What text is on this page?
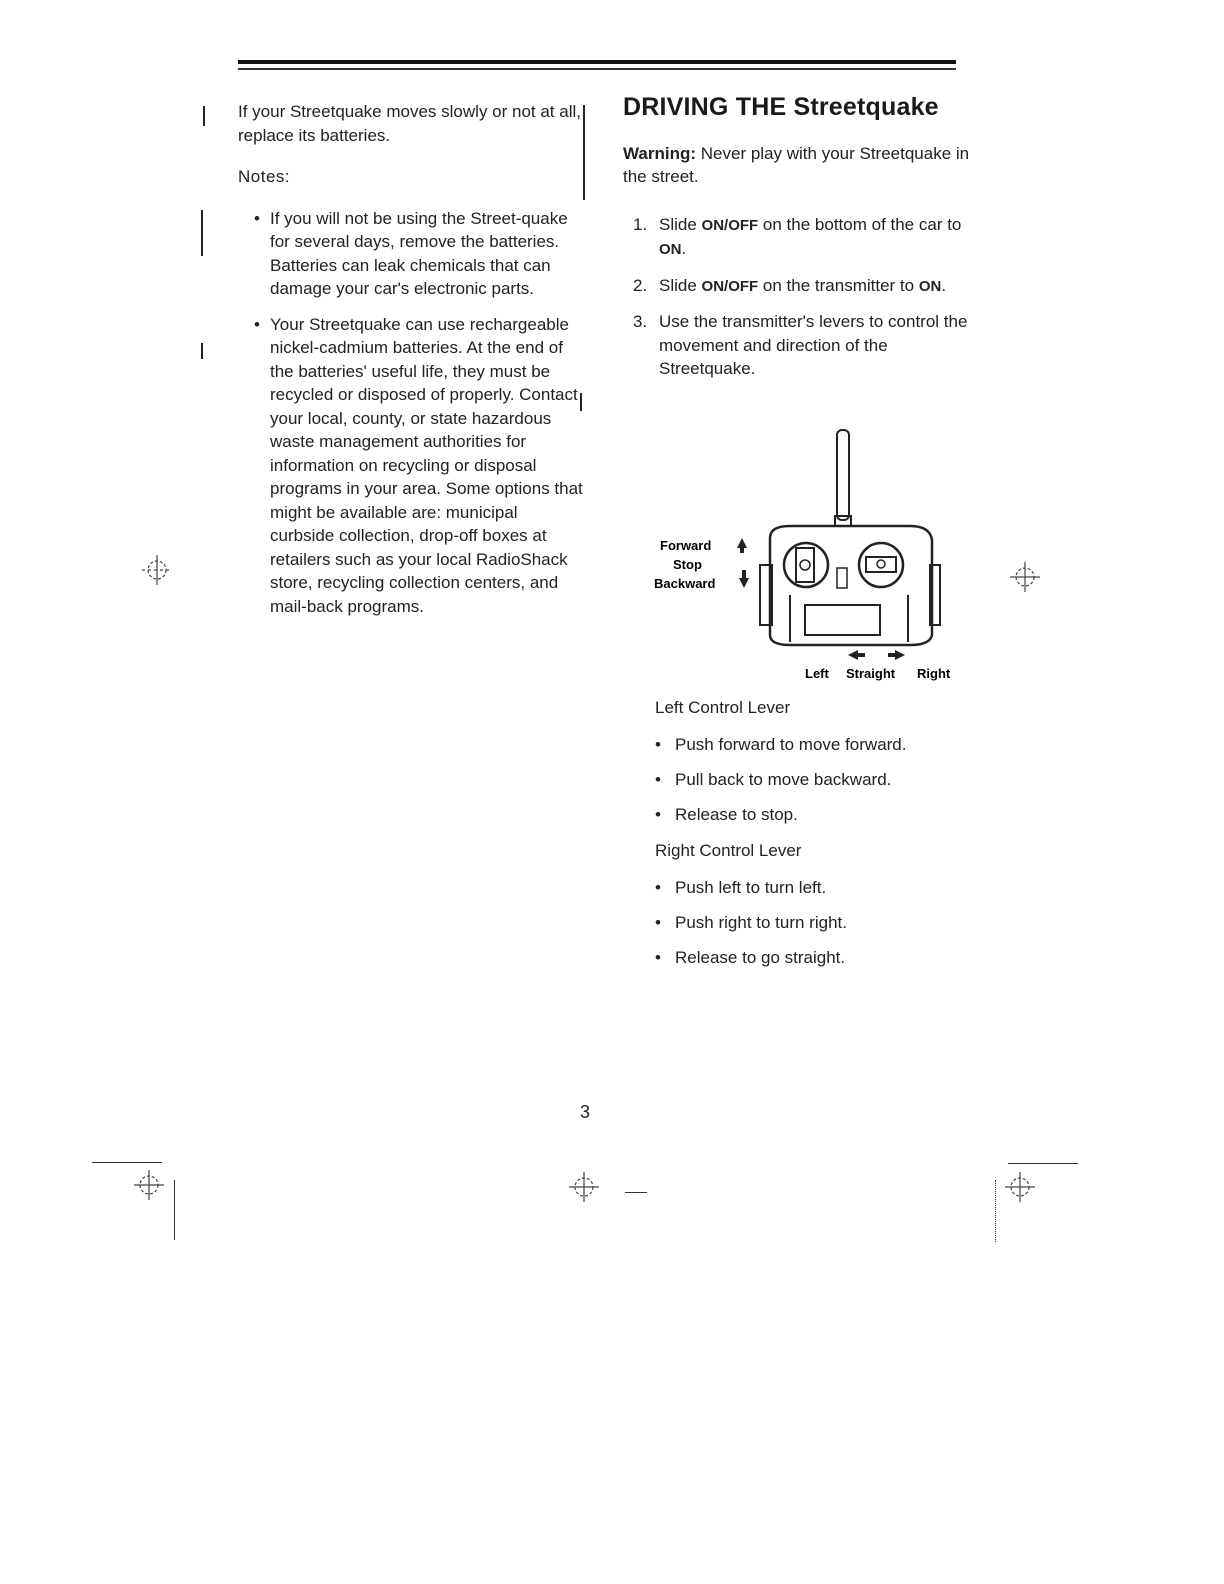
If your Streetquake moves slowly or not at all, replace its batteries.

Notes:

• If you will not be using the Street-quake for several days, remove the batteries. Batteries can leak chemicals that can damage your car's electronic parts.
• Your Streetquake can use rechargeable nickel-cadmium batteries. At the end of the batteries' useful life, they must be recycled or disposed of properly. Contact your local, county, or state hazardous waste management authorities for information on recycling or disposal programs in your area. Some options that might be available are: municipal curbside collection, drop-off boxes at retailers such as your local RadioShack store, recycling collection centers, and mail-back programs.
DRIVING THE Streetquake
Warning: Never play with your Streetquake in the street.
1. Slide ON/OFF on the bottom of the car to ON.
2. Slide ON/OFF on the transmitter to ON.
3. Use the transmitter's levers to control the movement and direction of the Streetquake.
Forward
Stop
Backward
Left Straight Right
Left Control Lever
• Push forward to move forward.
• Pull back to move backward.
• Release to stop.
Right Control Lever
• Push left to turn left.
• Push right to turn right.
• Release to go straight.
3
